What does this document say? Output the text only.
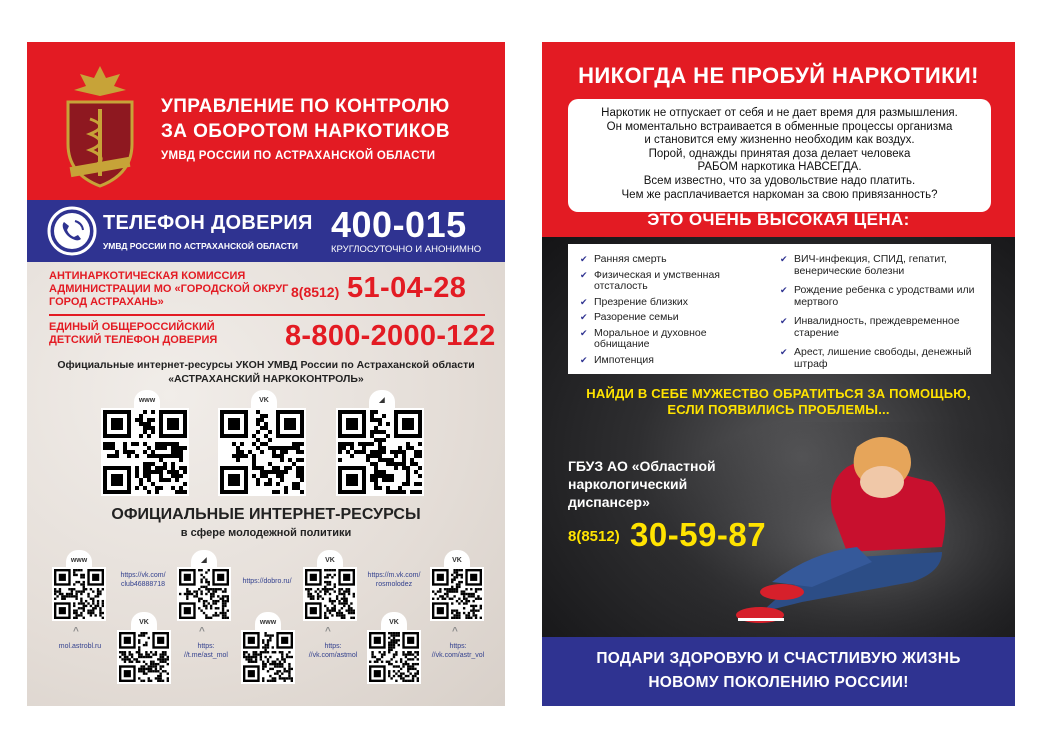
УПРАВЛЕНИЕ ПО КОНТРОЛЮ
ЗА ОБОРОТОМ НАРКОТИКОВ
УМВД РОССИИ ПО АСТРАХАНСКОЙ ОБЛАСТИ
ТЕЛЕФОН ДОВЕРИЯ
УМВД РОССИИ ПО АСТРАХАНСКОЙ ОБЛАСТИ
400-015
КРУГЛОСУТОЧНО И АНОНИМНО
АНТИНАРКОТИЧЕСКАЯ КОМИССИЯ АДМИНИСТРАЦИИ МО «ГОРОДСКОЙ ОКРУГ ГОРОД АСТРАХАНЬ»
8(8512) 51-04-28
ЕДИНЫЙ ОБЩЕРОССИЙСКИЙ ДЕТСКИЙ ТЕЛЕФОН ДОВЕРИЯ	8-800-2000-122
Официальные интернет-ресурсы УКОН УМВД России по Астраханской области
«АСТРАХАНСКИЙ НАРКОКОНТРОЛЬ»
www	VK	◢
ОФИЦИАЛЬНЫЕ ИНТЕРНЕТ-РЕСУРСЫ
в сфере молодежной политики
www
https://vk.com/ club46888718
◢
https://dobro.ru/
VK
https://m.vk.com/ rosmolodez
VK
VK
^
mol.astrobl.ru
www
^
https: //t.me/ast_mol
VK
^
https: //vk.com/astmol
^
https: //vk.com/astr_vol
НИКОГДА НЕ ПРОБУЙ НАРКОТИКИ!

Наркотик не отпускает от себя и не дает время для размышления.

Он моментально встраивается в обменные процессы организма

и становится ему жизненно необходим как воздух.

Порой, однажды принятая доза делает человека

РАБОМ наркотика НАВСЕГДА.

Всем известно, что за удовольствие надо платить.

Чем же расплачивается наркоман за свою привязанность?

ЭТО ОЧЕНЬ ВЫСОКАЯ ЦЕНА:
✔ Ранняя смерть
✔ Физическая и умственная отсталость
✔ Презрение близких
✔ Разорение семьи
✔ Моральное и духовное обнищание
✔ Импотенция
✔ ВИЧ-инфекция, СПИД, гепатит, венерические болезни
✔ Рождение ребенка с уродствами или мертвого
✔ Инвалидность, преждевременное старение
✔ Арест, лишение свободы, денежный штраф
НАЙДИ В СЕБЕ МУЖЕСТВО ОБРАТИТЬСЯ ЗА ПОМОЩЬЮ,
ЕСЛИ ПОЯВИЛИСЬ ПРОБЛЕМЫ...
ГБУЗ АО «Областной наркологический диспансер»
8(8512) 30-59-87
ПОДАРИ ЗДОРОВУЮ И СЧАСТЛИВУЮ ЖИЗНЬ
НОВОМУ ПОКОЛЕНИЮ РОССИИ!
